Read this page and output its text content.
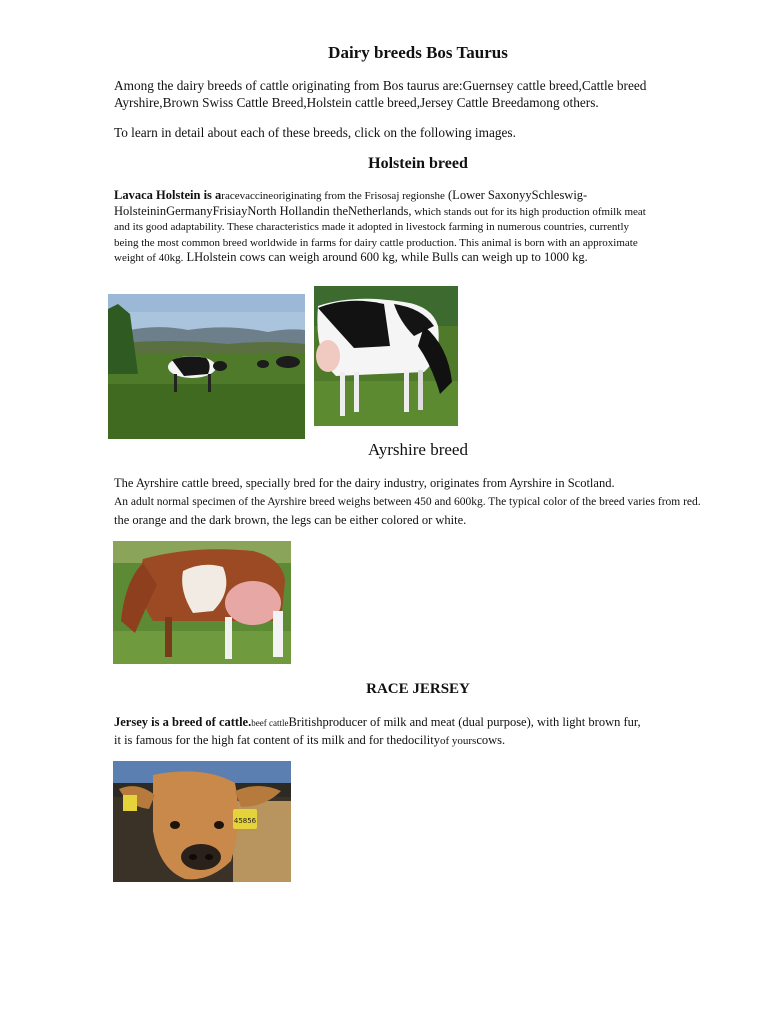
Dairy breeds Bos Taurus
Among the dairy breeds of cattle originating from Bos taurus are:Guernsey cattle breed,Cattle breed
Ayrshire,Brown Swiss Cattle Breed,Holstein cattle breed,Jersey Cattle Breedamong others.
To learn in detail about each of these breeds, click on the following images.
Holstein breed
Lavaca Holstein is aracevaccineoriginating from the Frisosaj regionshe (Lower SaxonyySchleswig-HolsteininGermanyFrisiayNorth Hollandin theNetherlands, which stands out for its high production ofmilk meat and its good adaptability. These characteristics made it adopted in livestock farming in numerous countries, currently being the most common breed worldwide in farms for dairy cattle production. This animal is born with an approximate weight of 40kg. LHolstein cows can weigh around 600 kg, while Bulls can weigh up to 1000 kg.
Ayrshire breed
The Ayrshire cattle breed, specially bred for the dairy industry, originates from Ayrshire in Scotland.
An adult normal specimen of the Ayrshire breed weighs between 450 and 600kg. The typical color of the breed varies from red.
the orange and the dark brown, the legs can be either colored or white.
RACE JERSEY
Jersey is a breed of cattle.beef cattleBritishproducer of milk and meat (dual purpose), with light brown fur,
it is famous for the high fat content of its milk and for thedocilityof yourscows.
45856
